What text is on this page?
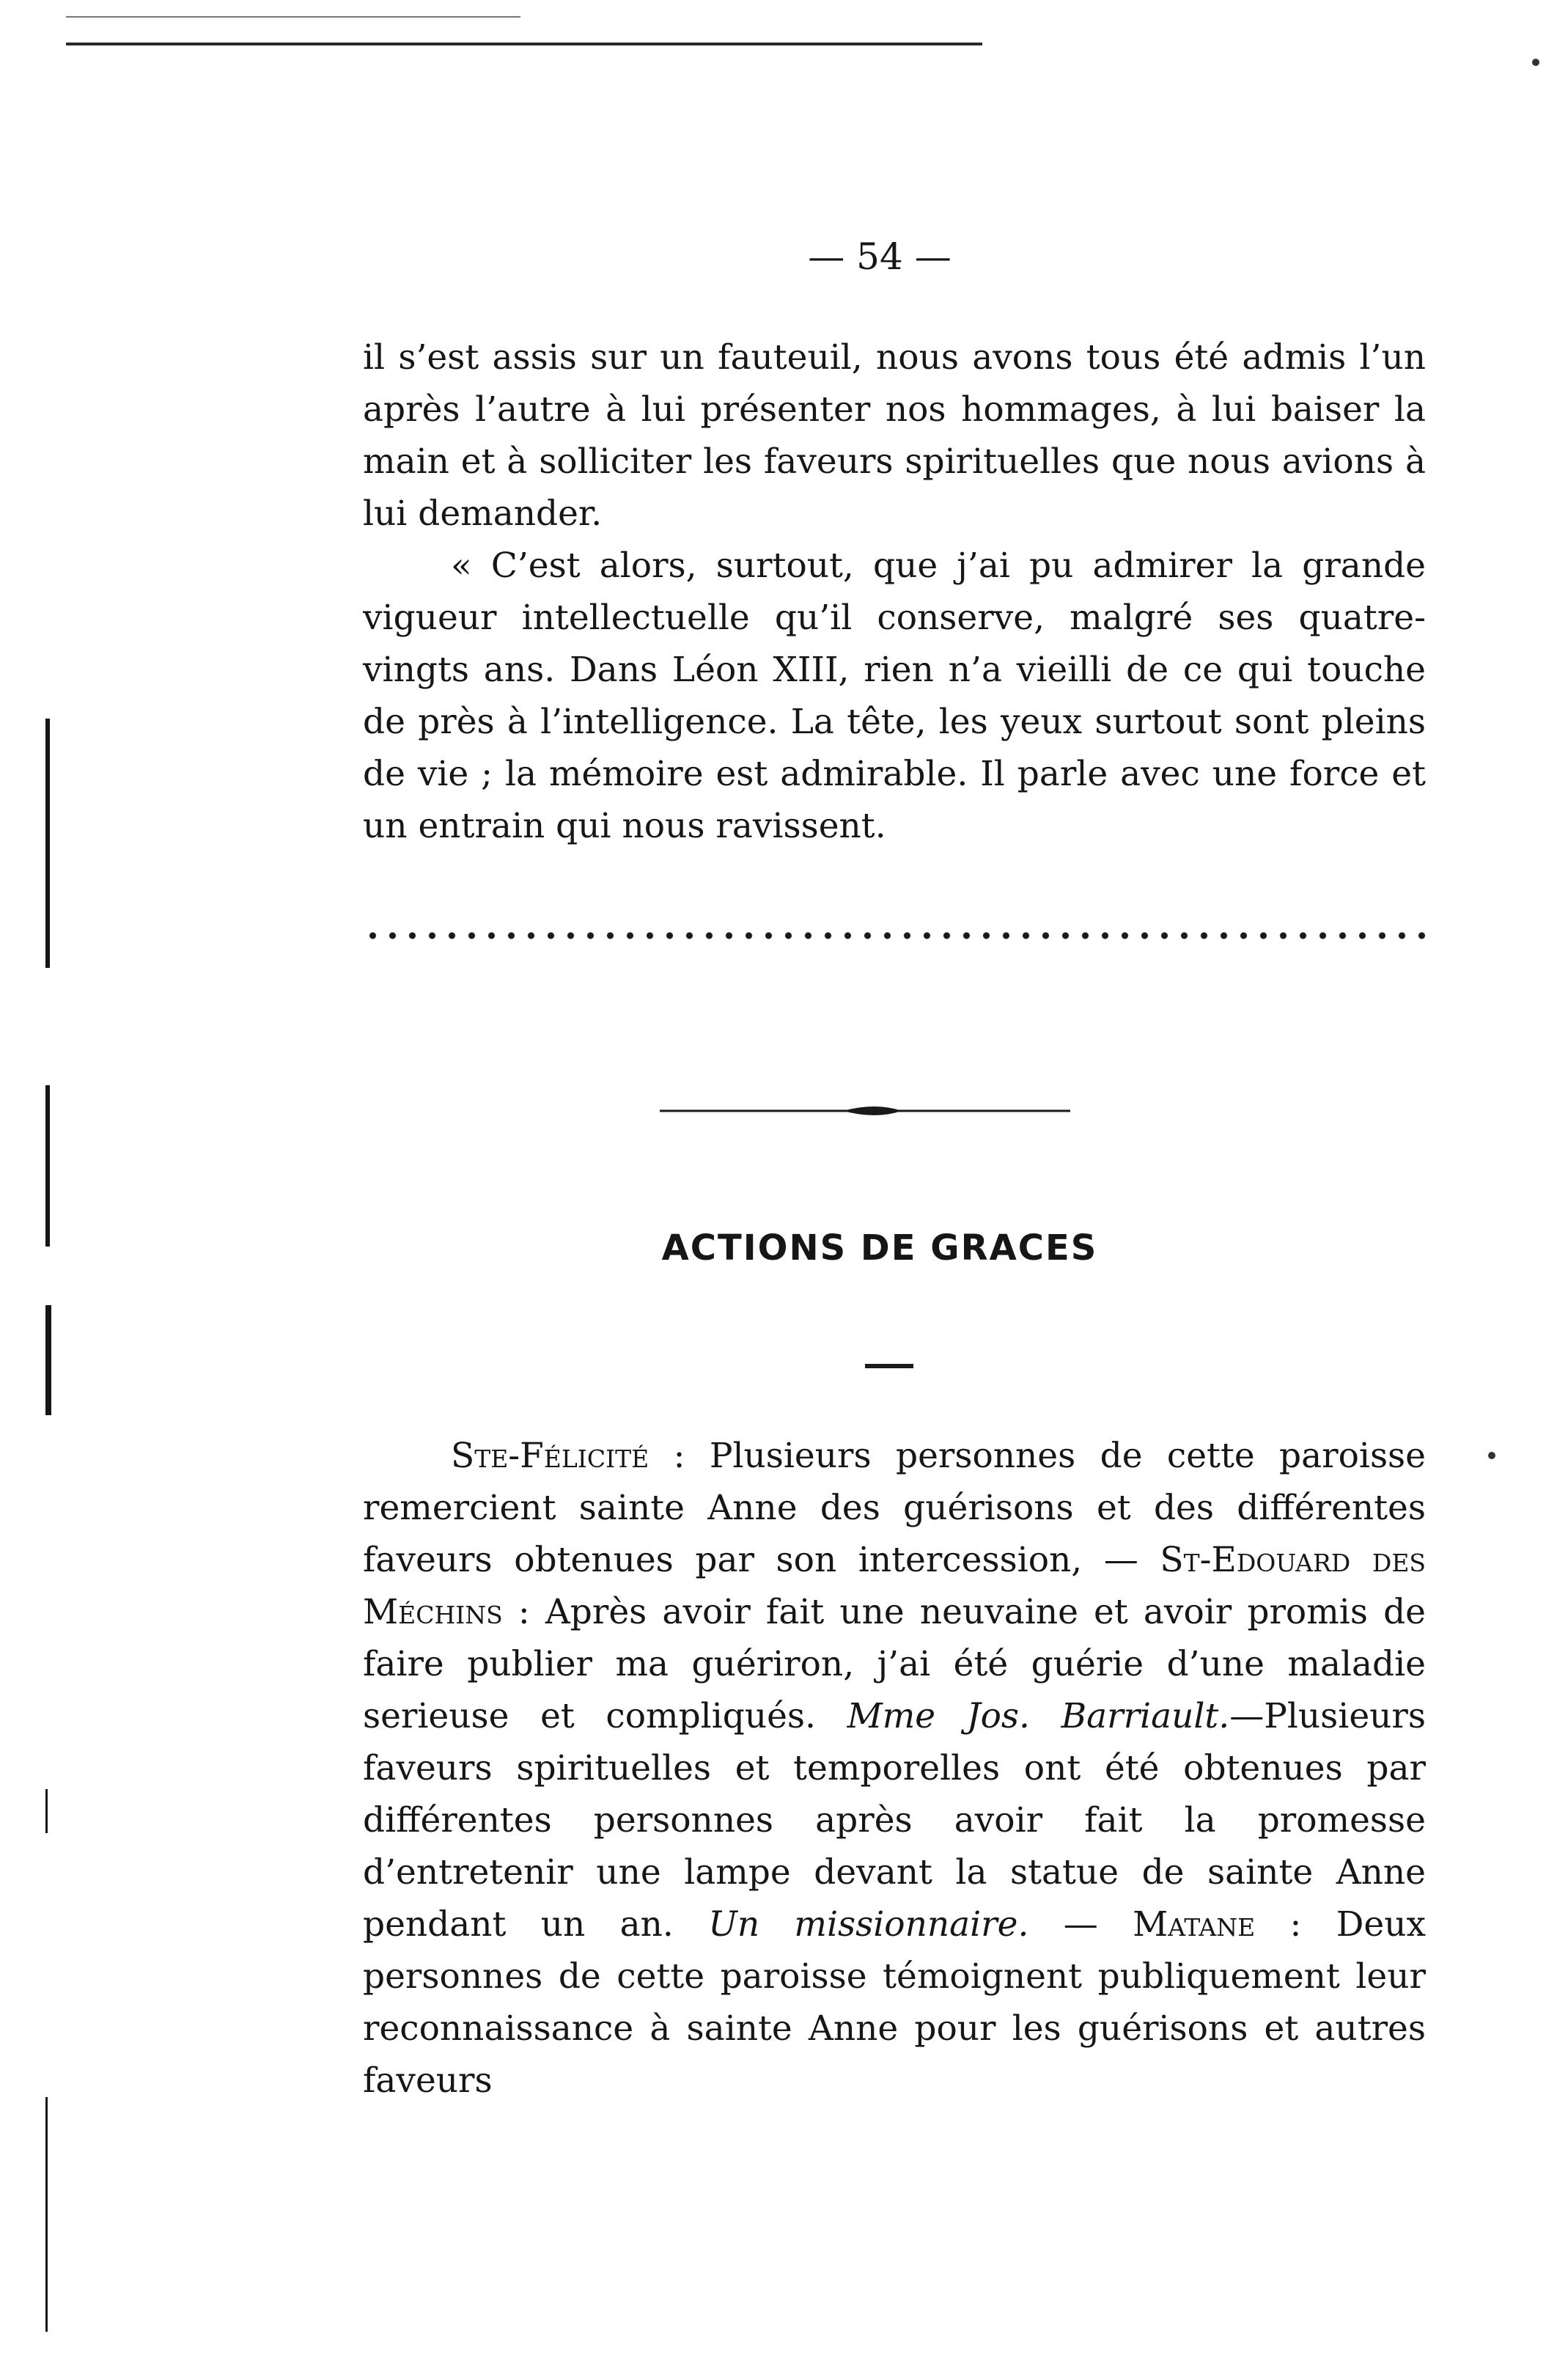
— 54 —

il s’est assis sur un fauteuil, nous avons tous été admis l’un après l’autre à lui présenter nos hommages, à lui baiser la main et à solliciter les faveurs spirituelles que nous avions à lui demander.

« C’est alors, surtout, que j’ai pu admirer la grande vigueur intellectuelle qu’il conserve, malgré ses quatre-vingts ans. Dans Léon XIII, rien n’a vieilli de ce qui touche de près à l’intelligence. La tête, les yeux surtout sont pleins de vie ; la mémoire est admirable. Il parle avec une force et un entrain qui nous ravissent.

ACTIONS DE GRACES

Ste-Félicité : Plusieurs personnes de cette paroisse remercient sainte Anne des guérisons et des différentes faveurs obtenues par son intercession, — St-Edouard des Méchins : Après avoir fait une neuvaine et avoir promis de faire publier ma guériron, j’ai été guérie d’une maladie serieuse et compliqués. Mme Jos. Barriault.—Plusieurs faveurs spirituelles et temporelles ont été obtenues par différentes personnes après avoir fait la promesse d’entretenir une lampe devant la statue de sainte Anne pendant un an. Un missionnaire. — Matane : Deux personnes de cette paroisse témoignent publiquement leur reconnaissance à sainte Anne pour les guérisons et autres faveurs
